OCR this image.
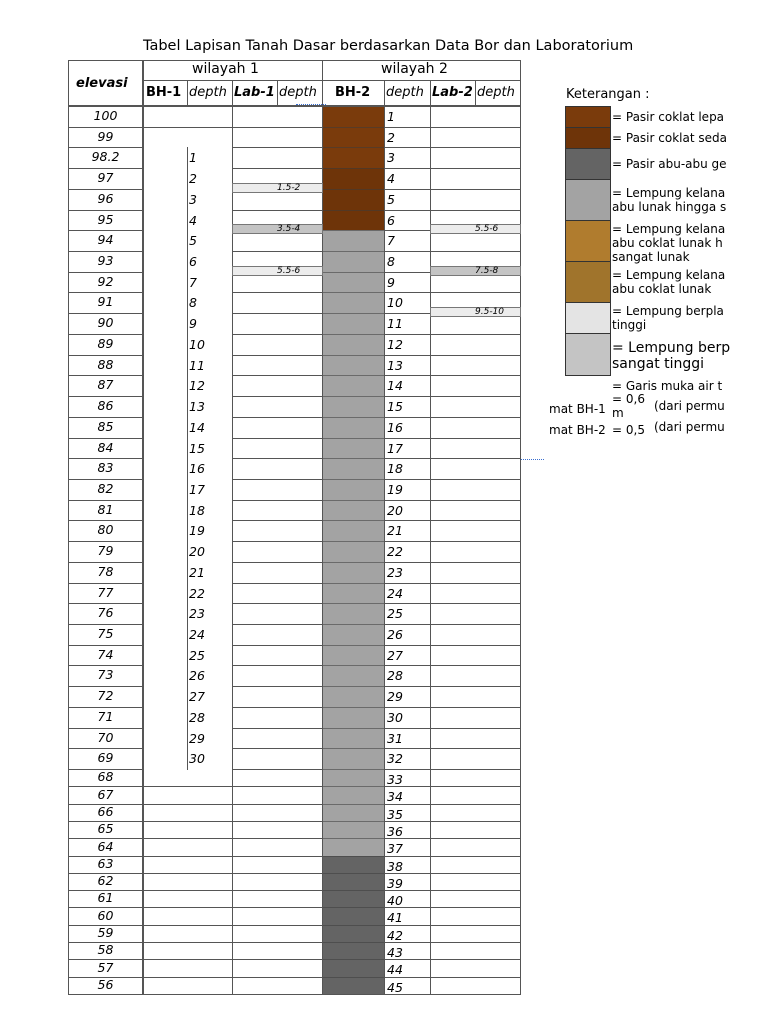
Tabel Lapisan Tanah Dasar berdasarkan Data Bor dan Laboratorium
elevasi
wilayah 1	wilayah 2
BH-1 depth Lab-1 depth BH-2 depth Lab-2 depth
100
99
98.2
97
96
95
94
93
92
91
90
89
88
87
86
85
84
83
82
81
80
79
78
77
76
75
74
73
72
71
70
69
68
67
66
65
64
63
62
61
60
59
58
57
56
1
2
3
4
5
6
7
8
9
10
11
12
13
14
15
16
17
18
19
20
21
22
23
24
25
26
27
28
29
30
1
2
3
4
5
6
7
8
9
10
11
12
13
14
15
16
17
18
19
20
21
22
23
24
25
26
27
28
29
30
31
32
33
34
35
36
37
38
39
40
41
42
43
44
45
1.5-2
3.5-4
5.5-6
5.5-6
7.5-8
9.5-10
Keterangan :
= Pasir coklat lepa
= Pasir coklat seda
= Pasir abu-abu ge
= Lempung kelana
abu lunak hingga s
= Lempung kelana
abu coklat lunak h
sangat lunak
= Lempung kelana
abu coklat lunak
= Lempung berpla
tinggi
= Lempung berp
sangat tinggi
= Garis muka air t
mat BH-1
= 0,6
m	(dari permu
mat BH-2 = 0,5 (dari permu
